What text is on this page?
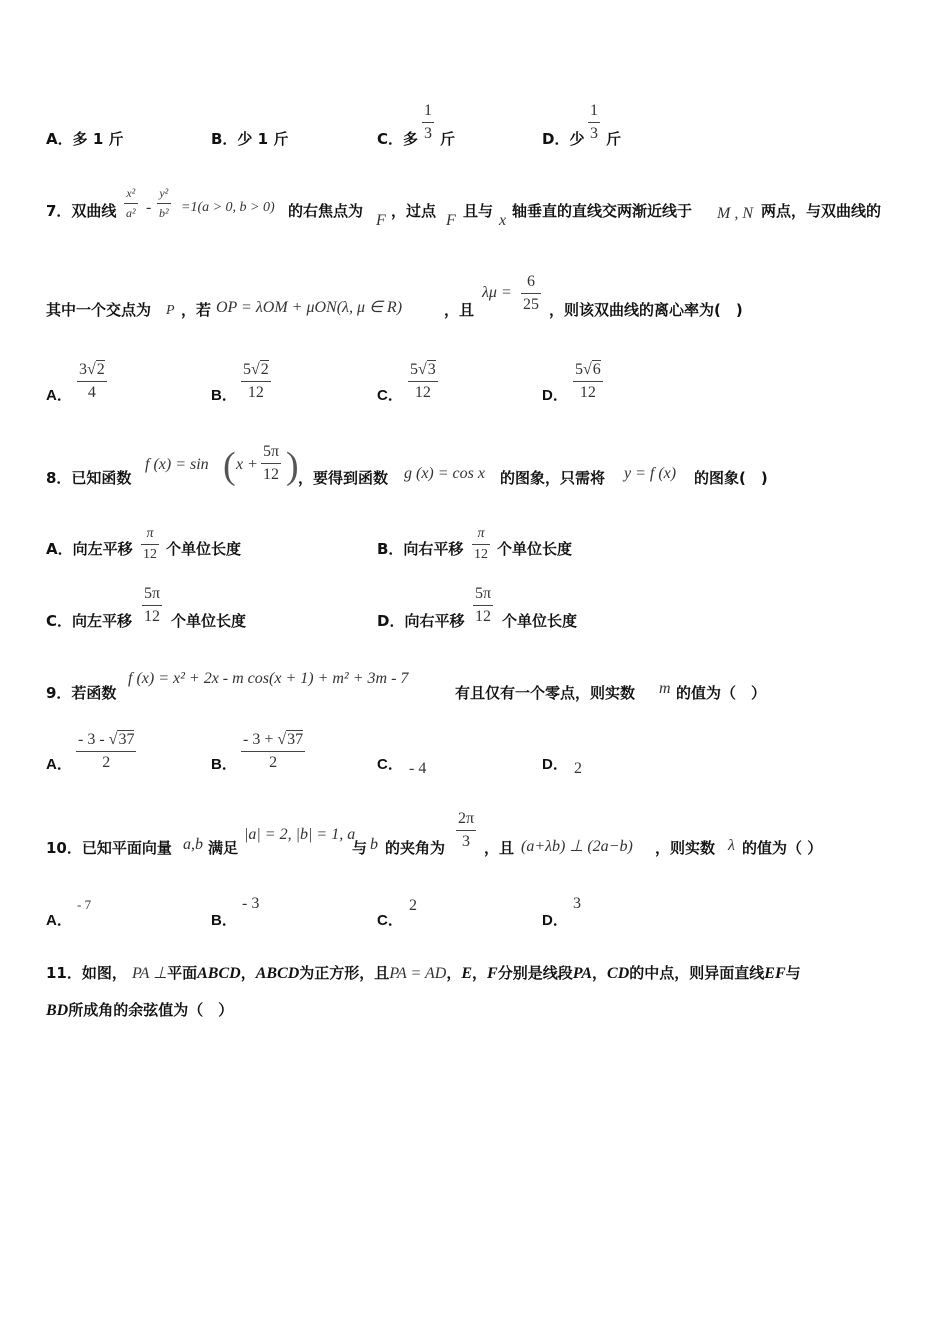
A．多 1 斤	B．少 1 斤	C．多
1
3 斤	D．少
1
3 斤
7．双曲线
x²
a² -
y²
b² =1(a > 0, b > 0) 的右焦点为
F
，过点
F
且与
x
轴垂直的直线交两渐近线于 M , N 两点，与双曲线的
其中一个交点为 P ，若 OP = λOM + μON(λ, μ ∈ R)	，且
λμ =
6
25 ，则该双曲线的离心率为(　)
A．
3√2
4	B．
5√2
12	C．
5√3
12	D．
5√6
12
8．已知函数
f (x) = sin ( x +
5π
12 ) ，要得到函数 g (x) = cos x 的图象，只需将 y = f (x) 的图象(　)
A．向左平移
π
12 个单位长度	B．向右平移
π
12 个单位长度
C．向左平移
5π
12 个单位长度	D．向右平移
5π
12 个单位长度
9．若函数
f (x) = x² + 2x - m cos(x + 1) + m² + 3m - 7
有且仅有一个零点，则实数 m 的值为（　）
A．
- 3 - √37
2	B．
- 3 + √37
2	C． - 4	D． 2
10．已知平面向量 a,b 满足
|a| = 2, |b| = 1, a
与 b 的夹角为
2π
3 ，且 (a+λb) ⊥ (2a−b) ，则实数 λ 的值为（ ）
A．
- 7
B．
- 3
C．
2
D．
3
11．如图， PA ⊥平面ABCD，ABCD为正方形，且PA = AD，E，F分别是线段PA，CD的中点，则异面直线EF与
BD所成角的余弦值为（　）
